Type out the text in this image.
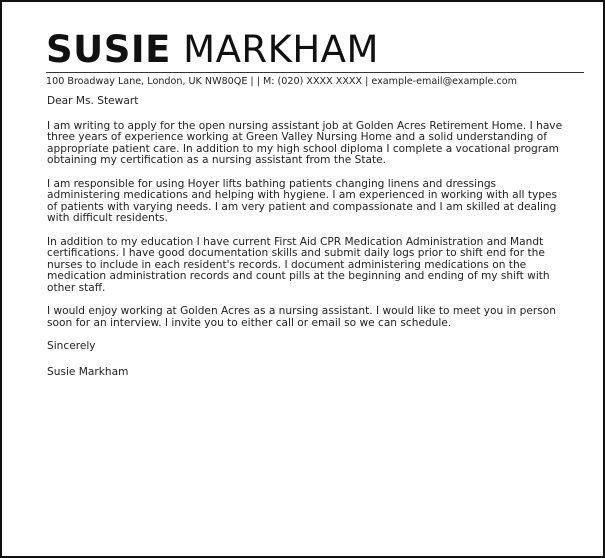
SUSIE MARKHAM
100 Broadway Lane, London, UK NW80QE | | M: (020) XXXX XXXX | example-email@example.com

Dear Ms. Stewart

I am writing to apply for the open nursing assistant job at Golden Acres Retirement Home. I have three years of experience working at Green Valley Nursing Home and a solid understanding of appropriate patient care. In addition to my high school diploma I complete a vocational program obtaining my certification as a nursing assistant from the State.

I am responsible for using Hoyer lifts bathing patients changing linens and dressings administering medications and helping with hygiene. I am experienced in working with all types of patients with varying needs. I am very patient and compassionate and I am skilled at dealing with difficult residents.

In addition to my education I have current First Aid CPR Medication Administration and Mandt certifications. I have good documentation skills and submit daily logs prior to shift end for the nurses to include in each resident's records. I document administering medications on the medication administration records and count pills at the beginning and ending of my shift with other staff.

I would enjoy working at Golden Acres as a nursing assistant. I would like to meet you in person soon for an interview. I invite you to either call or email so we can schedule.

Sincerely

Susie Markham
